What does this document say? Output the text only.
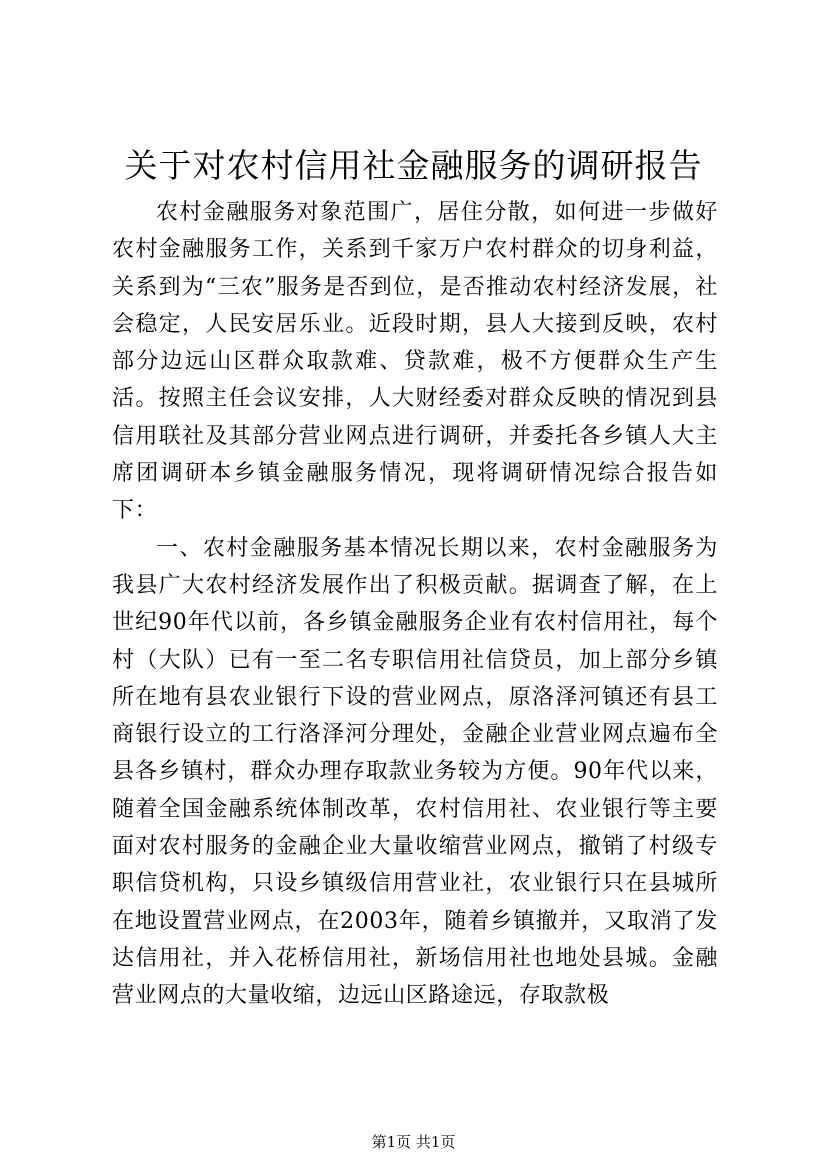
关于对农村信用社金融服务的调研报告

农村金融服务对象范围广，居住分散，如何进一步做好农村金融服务工作，关系到千家万户农村群众的切身利益，关系到为“三农”服务是否到位，是否推动农村经济发展，社会稳定，人民安居乐业。近段时期，县人大接到反映，农村部分边远山区群众取款难、贷款难，极不方便群众生产生活。按照主任会议安排，人大财经委对群众反映的情况到县信用联社及其部分营业网点进行调研，并委托各乡镇人大主席团调研本乡镇金融服务情况，现将调研情况综合报告如下：

一、农村金融服务基本情况长期以来，农村金融服务为我县广大农村经济发展作出了积极贡献。据调查了解，在上世纪90年代以前，各乡镇金融服务企业有农村信用社，每个村（大队）已有一至二名专职信用社信贷员，加上部分乡镇所在地有县农业银行下设的营业网点，原洛泽河镇还有县工商银行设立的工行洛泽河分理处，金融企业营业网点遍布全县各乡镇村，群众办理存取款业务较为方便。90年代以来，随着全国金融系统体制改革，农村信用社、农业银行等主要面对农村服务的金融企业大量收缩营业网点，撤销了村级专职信贷机构，只设乡镇级信用营业社，农业银行只在县城所在地设置营业网点，在2003年，随着乡镇撤并，又取消了发达信用社，并入花桥信用社，新场信用社也地处县城。金融营业网点的大量收缩，边远山区路途远，存取款极

第1页 共1页
